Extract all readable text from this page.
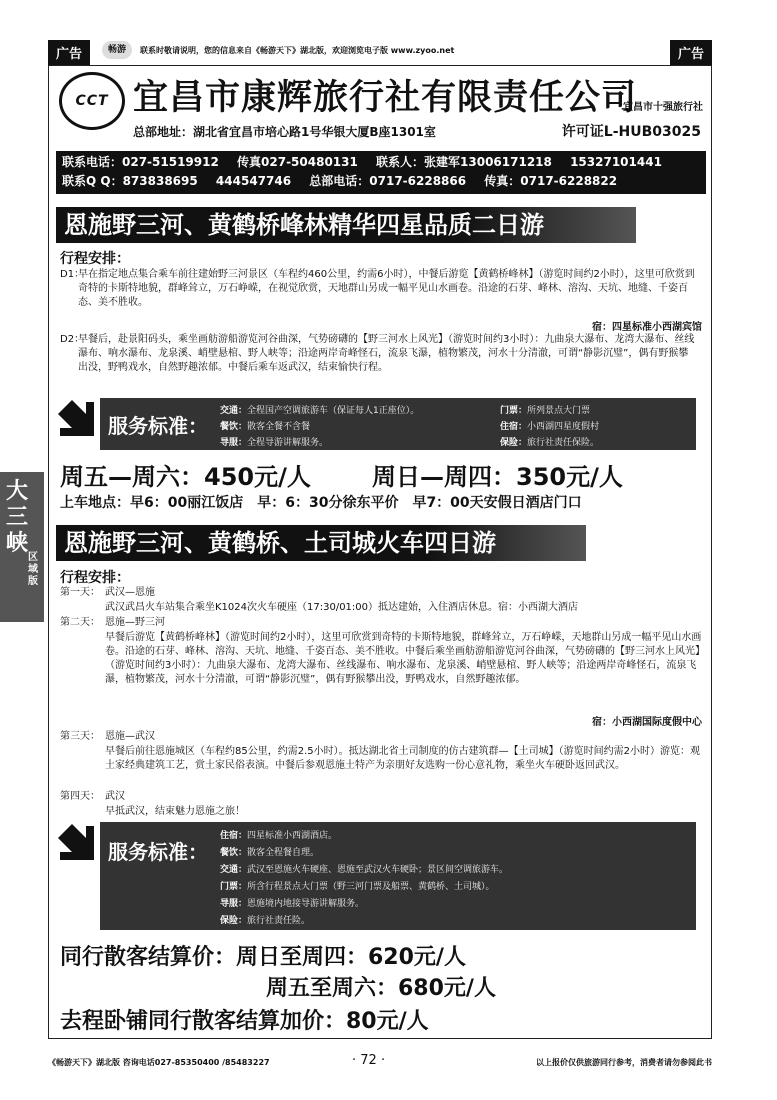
广告	畅游	联系时敬请说明，您的信息来自《畅游天下》湖北版，欢迎浏览电子版 www.zyoo.net	广告
CCT 宜昌市康辉旅行社有限责任公司
宜昌市十强旅行社
总部地址：湖北省宜昌市培心路1号华银大厦B座1301室	许可证L-HUB03025
联系电话：027-51519912 传真027-50480131 联系人：张建军13006171218 15327101441
联系Q Q：873838695 444547746 总部电话：0717-6228866 传真：0717-6228822
恩施野三河、黄鹤桥峰林精华四星品质二日游
行程安排：
D1：
早在指定地点集合乘车前往建始野三河景区（车程约460公里，约需6小时），中餐后游览【黄鹤桥峰林】（游览时间约2小时），这里可欣赏到奇特的卡斯特地貌，群峰耸立，万石峥嵘，在视觉欣赏，天地群山另成一幅平见山水画卷。沿途的石芽、峰林、溶沟、天坑、地缝、千姿百态、美不胜收。
宿：四星标准小西湖宾馆
D2：
早餐后，赴景阳码头，乘坐画舫游船游览河谷曲深，气势磅礴的【野三河水上风光】（游览时间约3小时）：九曲泉大瀑布、龙湾大瀑布、丝线瀑布、响水瀑布、龙泉溪、峭壁悬棺、野人峡等；沿途两岸奇峰怪石，流泉飞瀑，植物繁茂，河水十分清澈，可谓“静影沉璧”，偶有野猴攀出没，野鸭戏水，自然野趣浓郁。中餐后乘车返武汉，结束愉快行程。
服务标准：
交通：全程国产空调旅游车（保证每人1正座位）。	门票：所列景点大门票
餐饮：散客全餐不含餐	住宿：小西湖四星度假村
导服：全程导游讲解服务。	保险：旅行社责任保险。
周五—周六：450元/人	周日—周四：350元/人
上车地点：早6：00丽江饭店　早：6：30分徐东平价　早7：00天安假日酒店门口
恩施野三河、黄鹤桥、土司城火车四日游
行程安排：
第一天： 武汉—恩施
武汉武昌火车站集合乘坐K1024次火车硬座（17:30/01:00）抵达建始，入住酒店休息。宿：小西湖大酒店
第二天： 恩施—野三河
早餐后游览【黄鹤桥峰林】（游览时间约2小时），这里可欣赏到奇特的卡斯特地貌，群峰耸立，万石峥嵘，天地群山另成一幅平见山水画卷。沿途的石芽、峰林、溶沟、天坑、地缝、千姿百态、美不胜收。中餐后乘坐画舫游船游览河谷曲深，气势磅礴的【野三河水上风光】（游览时间约3小时）：九曲泉大瀑布、龙湾大瀑布、丝线瀑布、响水瀑布、龙泉溪、峭壁悬棺、野人峡等；沿途两岸奇峰怪石，流泉飞瀑，植物繁茂，河水十分清澈，可谓“静影沉璧”，偶有野猴攀出没，野鸭戏水，自然野趣浓郁。
宿：小西湖国际度假中心
第三天： 恩施—武汉
早餐后前往恩施城区（车程约85公里，约需2.5小时）。抵达湖北省土司制度的仿古建筑群—【土司城】（游览时间约需2小时）游览：观土家经典建筑工艺，赏土家民俗表演。中餐后参观恩施土特产为亲朋好友选购一份心意礼物，乘坐火车硬卧返回武汉。
第四天： 武汉
早抵武汉，结束魅力恩施之旅！
服务标准：
住宿：四星标准小西湖酒店。
餐饮：散客全程餐自理。
交通：武汉至恩施火车硬座、恩施至武汉火车硬卧；景区间空调旅游车。
门票：所含行程景点大门票（野三河门票及船票、黄鹤桥、土司城）。
导服：恩施境内地接导游讲解服务。
保险：旅行社责任险。
同行散客结算价：周日至周四：620元/人
周五至周六：680元/人
去程卧铺同行散客结算加价：80元/人
大三峡
区域版
《畅游天下》湖北版 咨询电话027-85350400 /85483227	· 72 ·	以上报价仅供旅游同行参考，消费者请勿参阅此书
